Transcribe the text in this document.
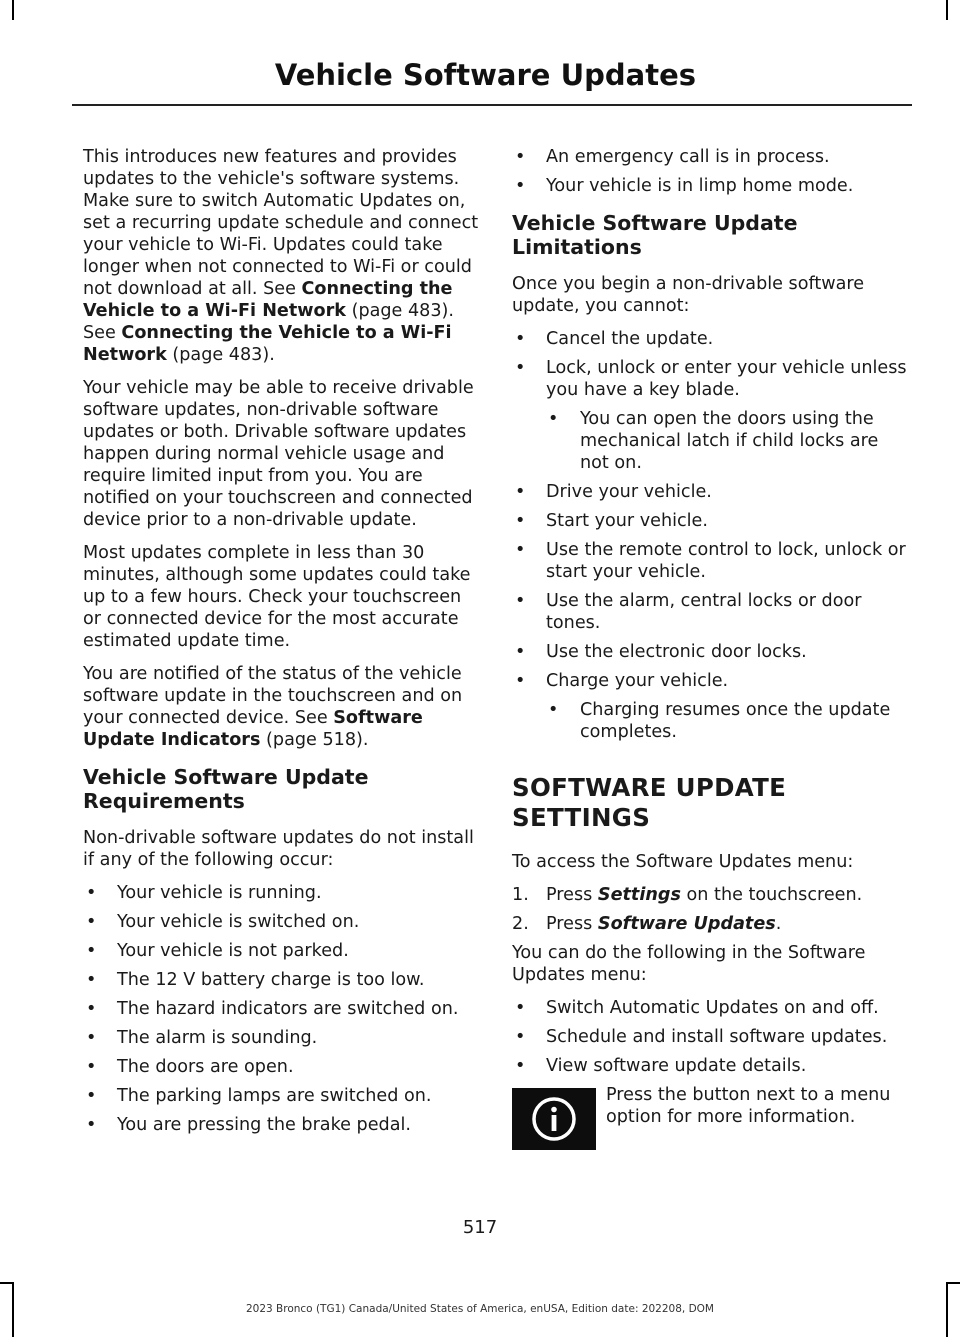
Vehicle Software Updates

This introduces new features and provides updates to the vehicle's software systems. Make sure to switch Automatic Updates on, set a recurring update schedule and connect your vehicle to Wi-Fi. Updates could take longer when not connected to Wi-Fi or could not download at all. See Connecting the Vehicle to a Wi-Fi Network (page 483). See Connecting the Vehicle to a Wi-Fi Network (page 483).

Your vehicle may be able to receive drivable software updates, non-drivable software updates or both. Drivable software updates happen during normal vehicle usage and require limited input from you. You are notified on your touchscreen and connected device prior to a non-drivable update.

Most updates complete in less than 30 minutes, although some updates could take up to a few hours. Check your touchscreen or connected device for the most accurate estimated update time.

You are notified of the status of the vehicle software update in the touchscreen and on your connected device. See Software Update Indicators (page 518).

Vehicle Software Update Requirements

Non-drivable software updates do not install if any of the following occur:

• Your vehicle is running.
• Your vehicle is switched on.
• Your vehicle is not parked.
• The 12 V battery charge is too low.
• The hazard indicators are switched on.
• The alarm is sounding.
• The doors are open.
• The parking lamps are switched on.
• You are pressing the brake pedal.
• An emergency call is in process.
• Your vehicle is in limp home mode.
Vehicle Software Update Limitations

Once you begin a non-drivable software update, you cannot:

• Cancel the update.
• Lock, unlock or enter your vehicle unless you have a key blade.
• You can open the doors using the mechanical latch if child locks are not on.
• Drive your vehicle.
• Start your vehicle.
• Use the remote control to lock, unlock or start your vehicle.
• Use the alarm, central locks or door tones.
• Use the electronic door locks.
• Charge your vehicle.
• Charging resumes once the update completes.
SOFTWARE UPDATE SETTINGS

To access the Software Updates menu:

1. Press Settings on the touchscreen.
2. Press Software Updates.

You can do the following in the Software Updates menu:

• Switch Automatic Updates on and off.
• Schedule and install software updates.
• View software update details.
Press the button next to a menu option for more information.
517
2023 Bronco (TG1) Canada/United States of America, enUSA, Edition date: 202208, DOM
